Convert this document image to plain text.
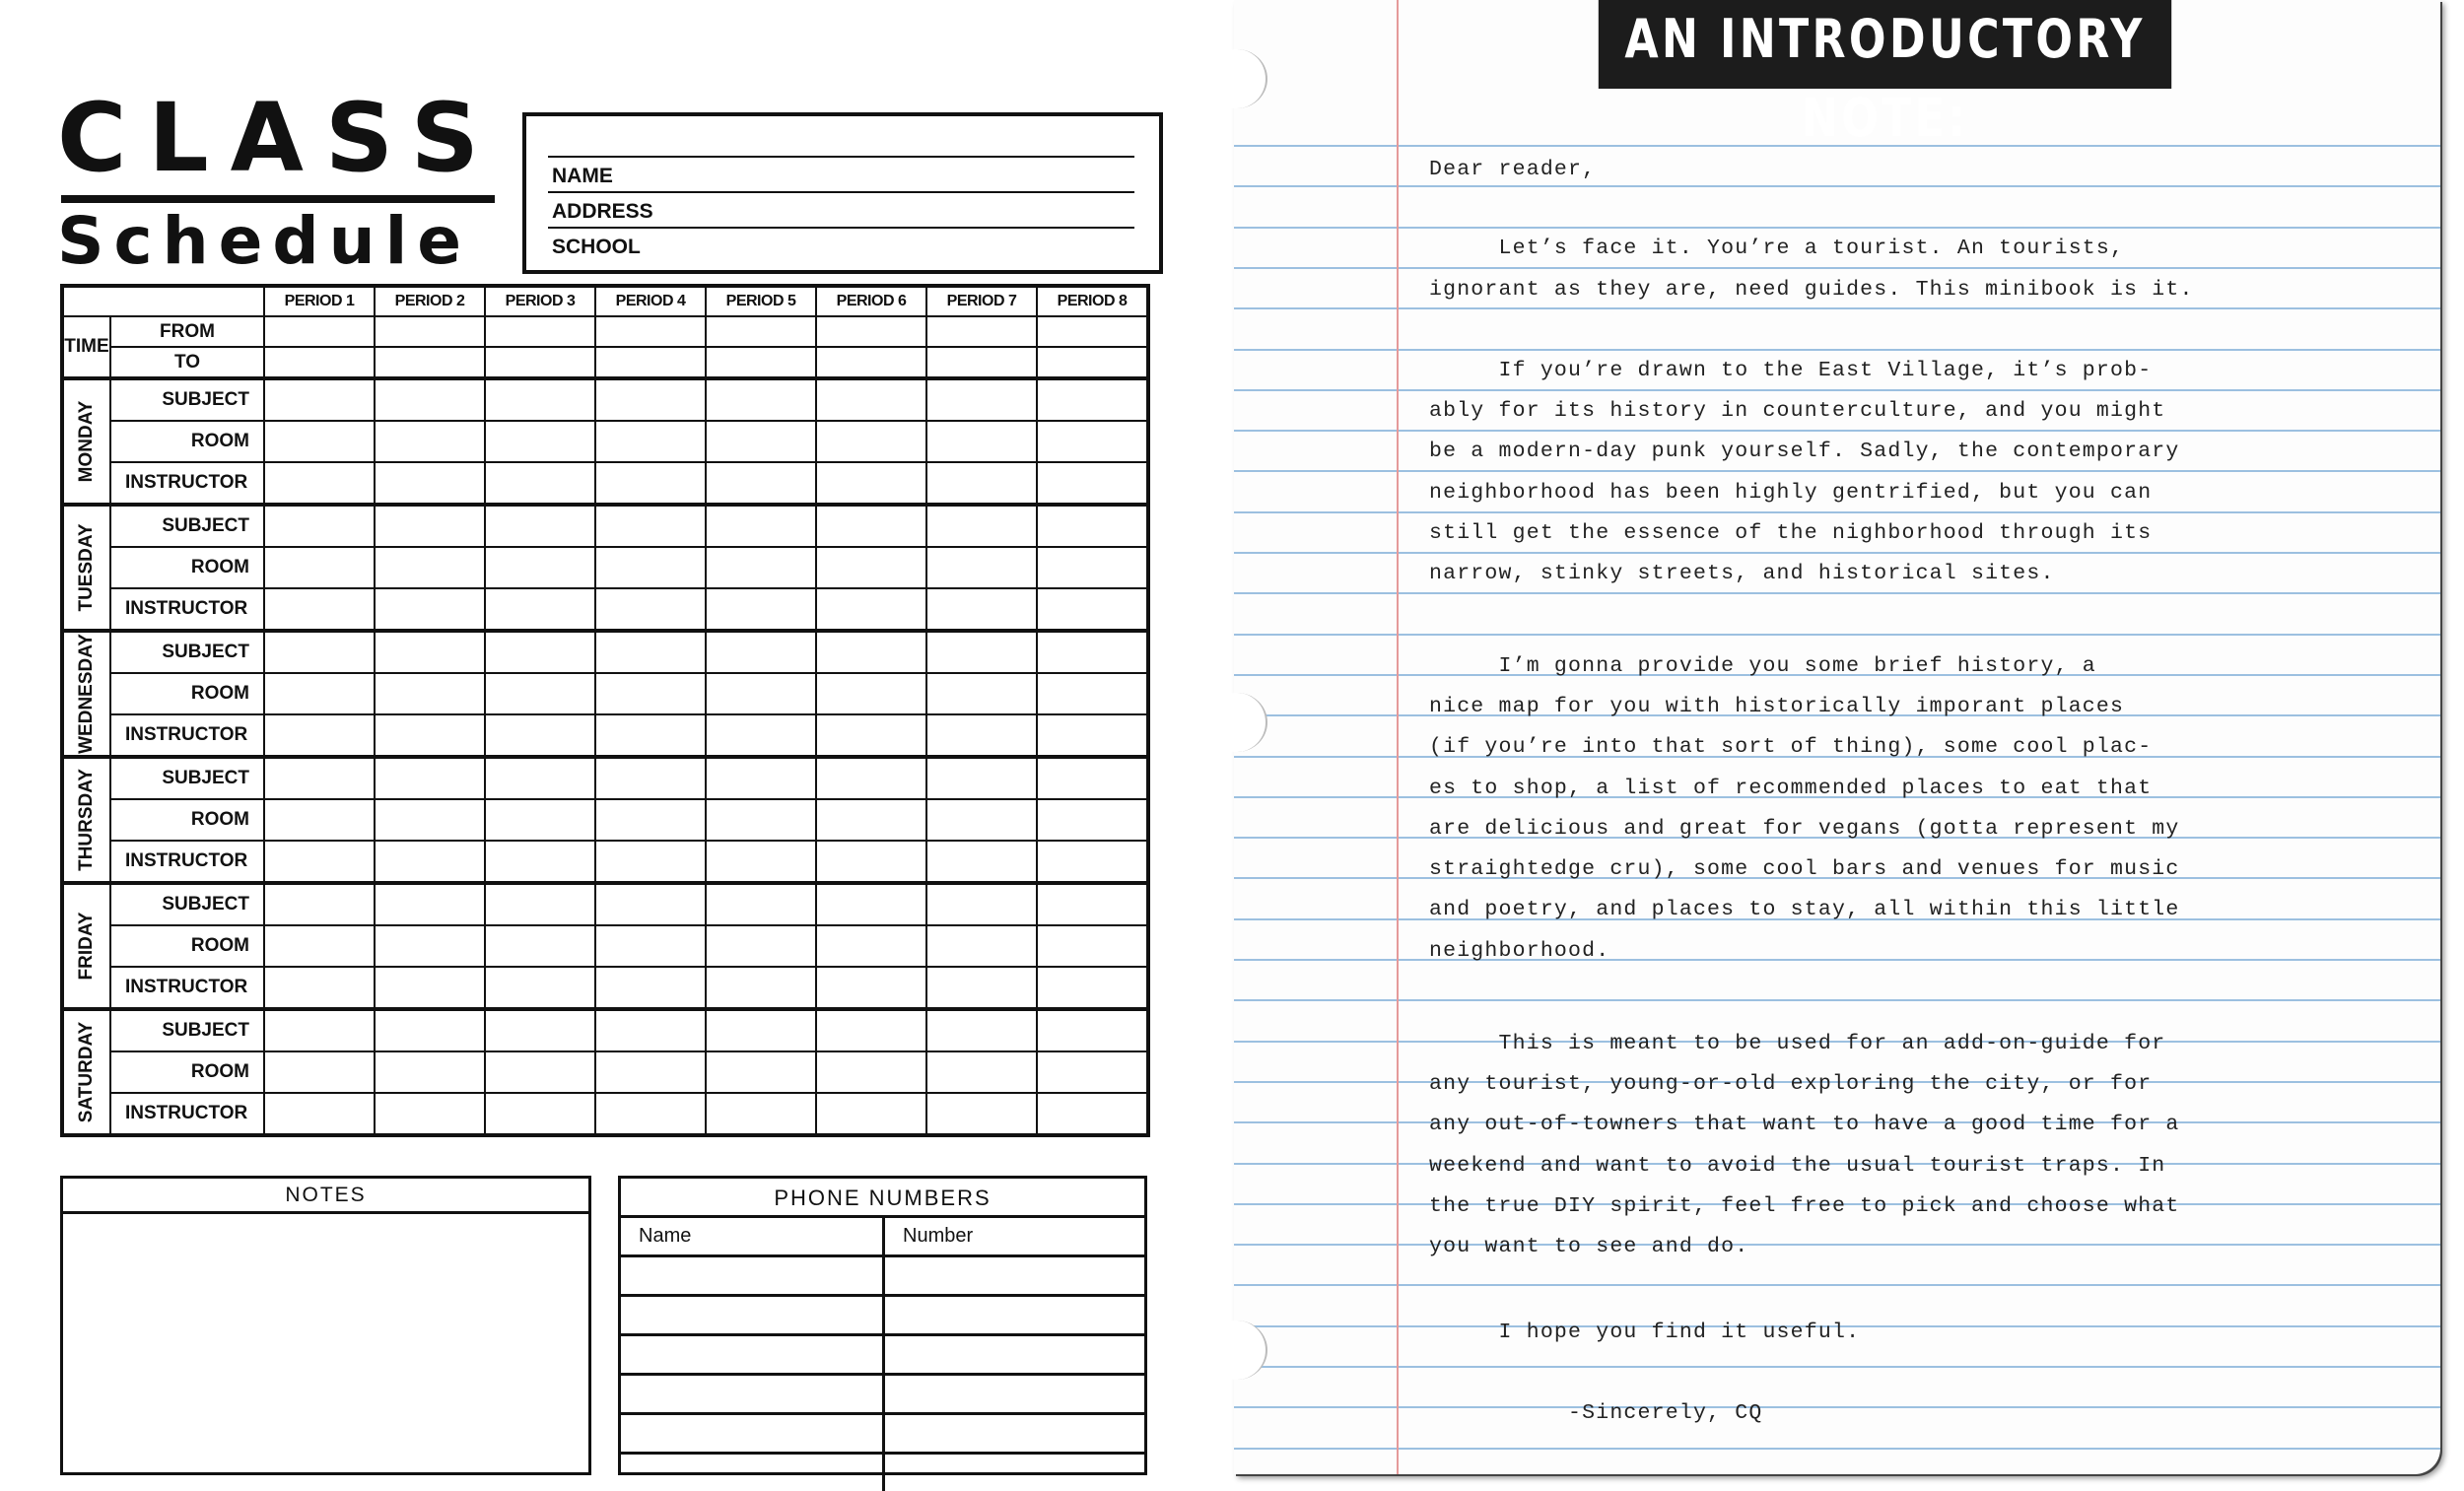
CLASS
Schedule
NAME
ADDRESS
SCHOOL
		PERIOD 1	PERIOD 2	PERIOD 3	PERIOD 4	PERIOD 5	PERIOD 6	PERIOD 7	PERIOD 8
TIME	FROM								
	TO								

MONDAY	SUBJECT								
	ROOM								
	INSTRUCTOR								

TUESDAY	SUBJECT								
	ROOM								
	INSTRUCTOR								

WEDNESDAY	SUBJECT								
	ROOM								
	INSTRUCTOR								

THURSDAY	SUBJECT								
	ROOM								
	INSTRUCTOR								

FRIDAY	SUBJECT								
	ROOM								
	INSTRUCTOR								

SATURDAY	SUBJECT								
	ROOM								
	INSTRUCTOR								
NOTES	PHONE NUMBERS
Name	Number

AN INTRODUCTORY NOTE:
Dear reader,
Let’s face it. You’re a tourist. An tourists,
ignorant as they are, need guides. This minibook is it.
If you’re drawn to the East Village, it’s prob-
ably for its history in counterculture, and you might
be a modern-day punk yourself. Sadly, the contemporary
neighborhood has been highly gentrified, but you can
still get the essence of the nighborhood through its
narrow, stinky streets, and historical sites.
I’m gonna provide you some brief history, a
nice map for you with historically imporant places
(if you’re into that sort of thing), some cool plac-
es to shop, a list of recommended places to eat that
are delicious and great for vegans (gotta represent my
straightedge cru), some cool bars and venues for music
and poetry, and places to stay, all within this little
neighborhood.
This is meant to be used for an add-on-guide for
any tourist, young-or-old exploring the city, or for
any out-of-towners that want to have a good time for a
weekend and want to avoid the usual tourist traps. In
the true DIY spirit, feel free to pick and choose what
you want to see and do.
I hope you find it useful.
-Sincerely, CQ
